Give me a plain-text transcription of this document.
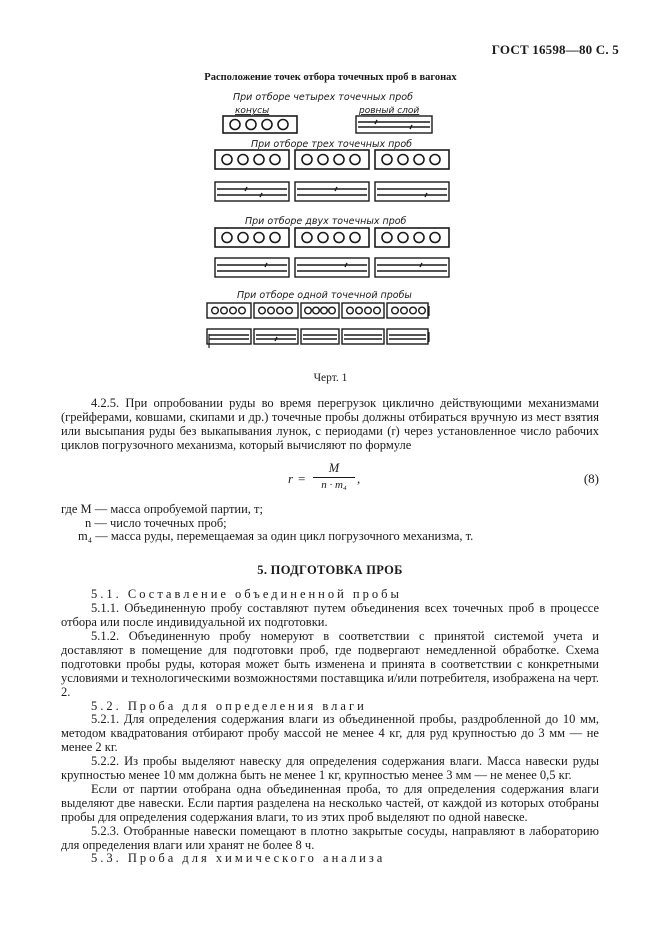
ГОСТ 16598—80 С. 5
Расположение точек отбора точечных проб в вагонах
При отборе четырех точечных проб
конусы	ровный слой
При отборе трех точечных проб
При отборе двух точечных проб
При отборе одной точечной пробы
Черт. 1

4.2.5. При опробовании руды во время перегрузок циклично действующими механизмами (грейферами, ковшами, скипами и др.) точечные пробы должны отбираться вручную из мест взятия или высыпания руды без выкапывания лунок, с периодами (r) через установленное число рабочих циклов погрузочного механизма, который вычисляют по формуле

$r = \frac{M}{\text{n · m₄}}$ ,	(8)
где M — масса опробуемой партии, т;
n — число точечных проб;
m₄ — масса руды, перемещаемая за один цикл погрузочного механизма, т.
5. ПОДГОТОВКА ПРОБ

5.1. Составление объединенной пробы

5.1.1. Объединенную пробу составляют путем объединения всех точечных проб в процессе отбора или после индивидуальной их подготовки.

5.1.2. Объединенную пробу номеруют в соответствии с принятой системой учета и доставляют в помещение для подготовки проб, где подвергают немедленной обработке. Схема подготовки пробы руды, которая может быть изменена и принята в соответствии с конкретными условиями и технологическими возможностями поставщика и/или потребителя, изображена на черт. 2.

5.2. Проба для определения влаги

5.2.1. Для определения содержания влаги из объединенной пробы, раздробленной до 10 мм, методом квадратования отбирают пробу массой не менее 4 кг, для руд крупностью до 3 мм — не менее 2 кг.

5.2.2. Из пробы выделяют навеску для определения содержания влаги. Масса навески руды крупностью менее 10 мм должна быть не менее 1 кг, крупностью менее 3 мм — не менее 0,5 кг.

Если от партии отобрана одна объединенная проба, то для определения содержания влаги выделяют две навески. Если партия разделена на несколько частей, от каждой из которых отобраны пробы для определения содержания влаги, то из этих проб выделяют по одной навеске.

5.2.3. Отобранные навески помещают в плотно закрытые сосуды, направляют в лабораторию для определения влаги или хранят не более 8 ч.

5.3. Проба для химического анализа
